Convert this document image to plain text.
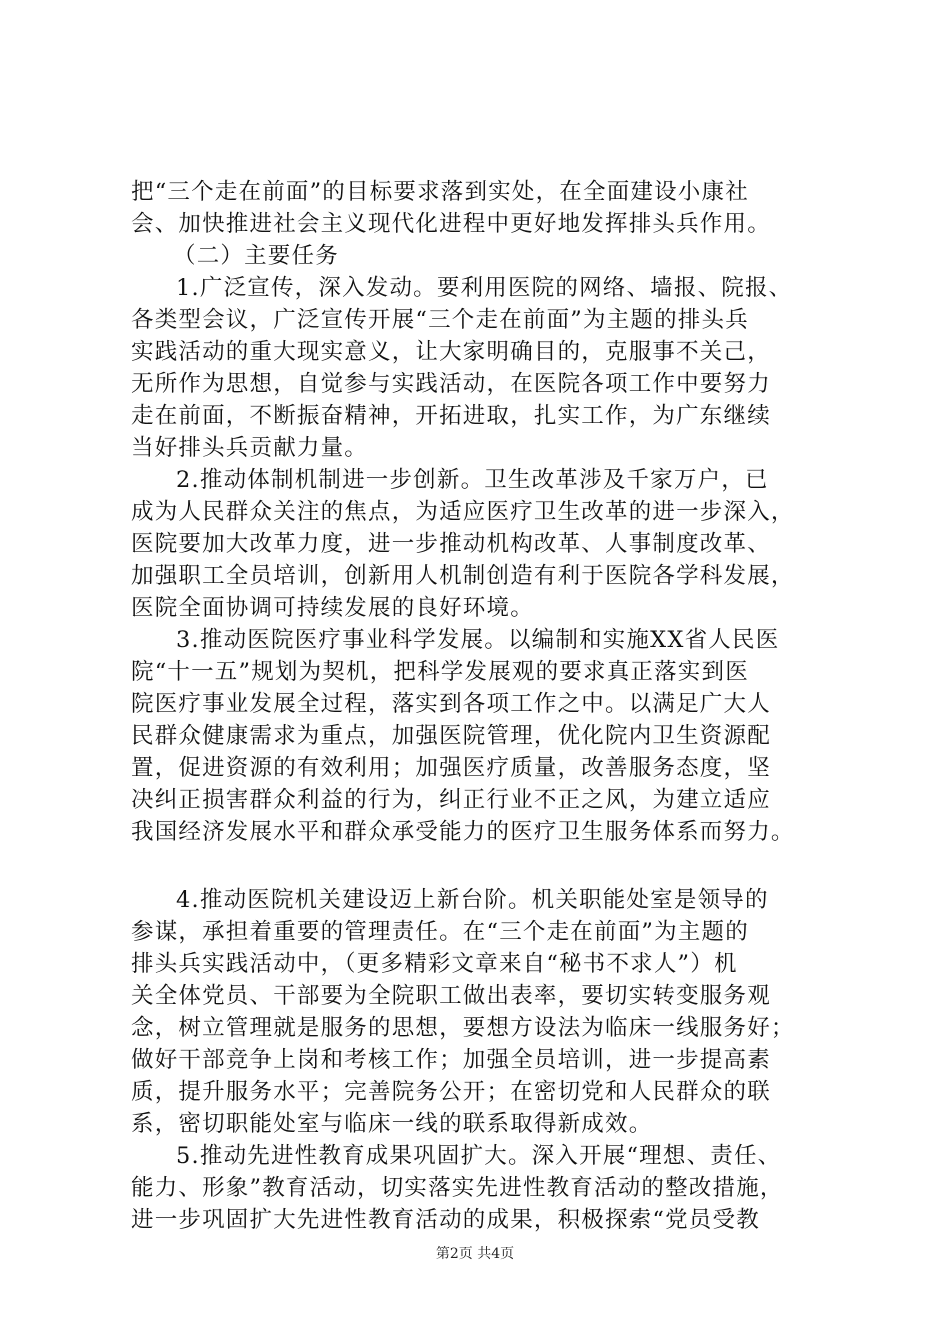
把“三个走在前面”的目标要求落到实处，在全面建设小康社
会、加快推进社会主义现代化进程中更好地发挥排头兵作用。
（二）主要任务
1.广泛宣传，深入发动。要利用医院的网络、墙报、院报、
各类型会议，广泛宣传开展“三个走在前面”为主题的排头兵
实践活动的重大现实意义，让大家明确目的，克服事不关己，
无所作为思想，自觉参与实践活动，在医院各项工作中要努力
走在前面，不断振奋精神，开拓进取，扎实工作，为广东继续
当好排头兵贡献力量。
2.推动体制机制进一步创新。卫生改革涉及千家万户，已
成为人民群众关注的焦点，为适应医疗卫生改革的进一步深入，
医院要加大改革力度，进一步推动机构改革、人事制度改革、
加强职工全员培训，创新用人机制创造有利于医院各学科发展，
医院全面协调可持续发展的良好环境。
3.推动医院医疗事业科学发展。以编制和实施XX省人民医
院“十一五”规划为契机，把科学发展观的要求真正落实到医
院医疗事业发展全过程，落实到各项工作之中。以满足广大人
民群众健康需求为重点，加强医院管理，优化院内卫生资源配
置，促进资源的有效利用；加强医疗质量，改善服务态度，坚
决纠正损害群众利益的行为，纠正行业不正之风，为建立适应
我国经济发展水平和群众承受能力的医疗卫生服务体系而努力。
4.推动医院机关建设迈上新台阶。机关职能处室是领导的
参谋，承担着重要的管理责任。在“三个走在前面”为主题的
排头兵实践活动中，（更多精彩文章来自“秘书不求人”）机
关全体党员、干部要为全院职工做出表率，要切实转变服务观
念，树立管理就是服务的思想，要想方设法为临床一线服务好；
做好干部竞争上岗和考核工作；加强全员培训，进一步提高素
质，提升服务水平；完善院务公开；在密切党和人民群众的联
系，密切职能处室与临床一线的联系取得新成效。
5.推动先进性教育成果巩固扩大。深入开展“理想、责任、
能力、形象”教育活动，切实落实先进性教育活动的整改措施，
进一步巩固扩大先进性教育活动的成果，积极探索“党员受教
第2页 共4页
